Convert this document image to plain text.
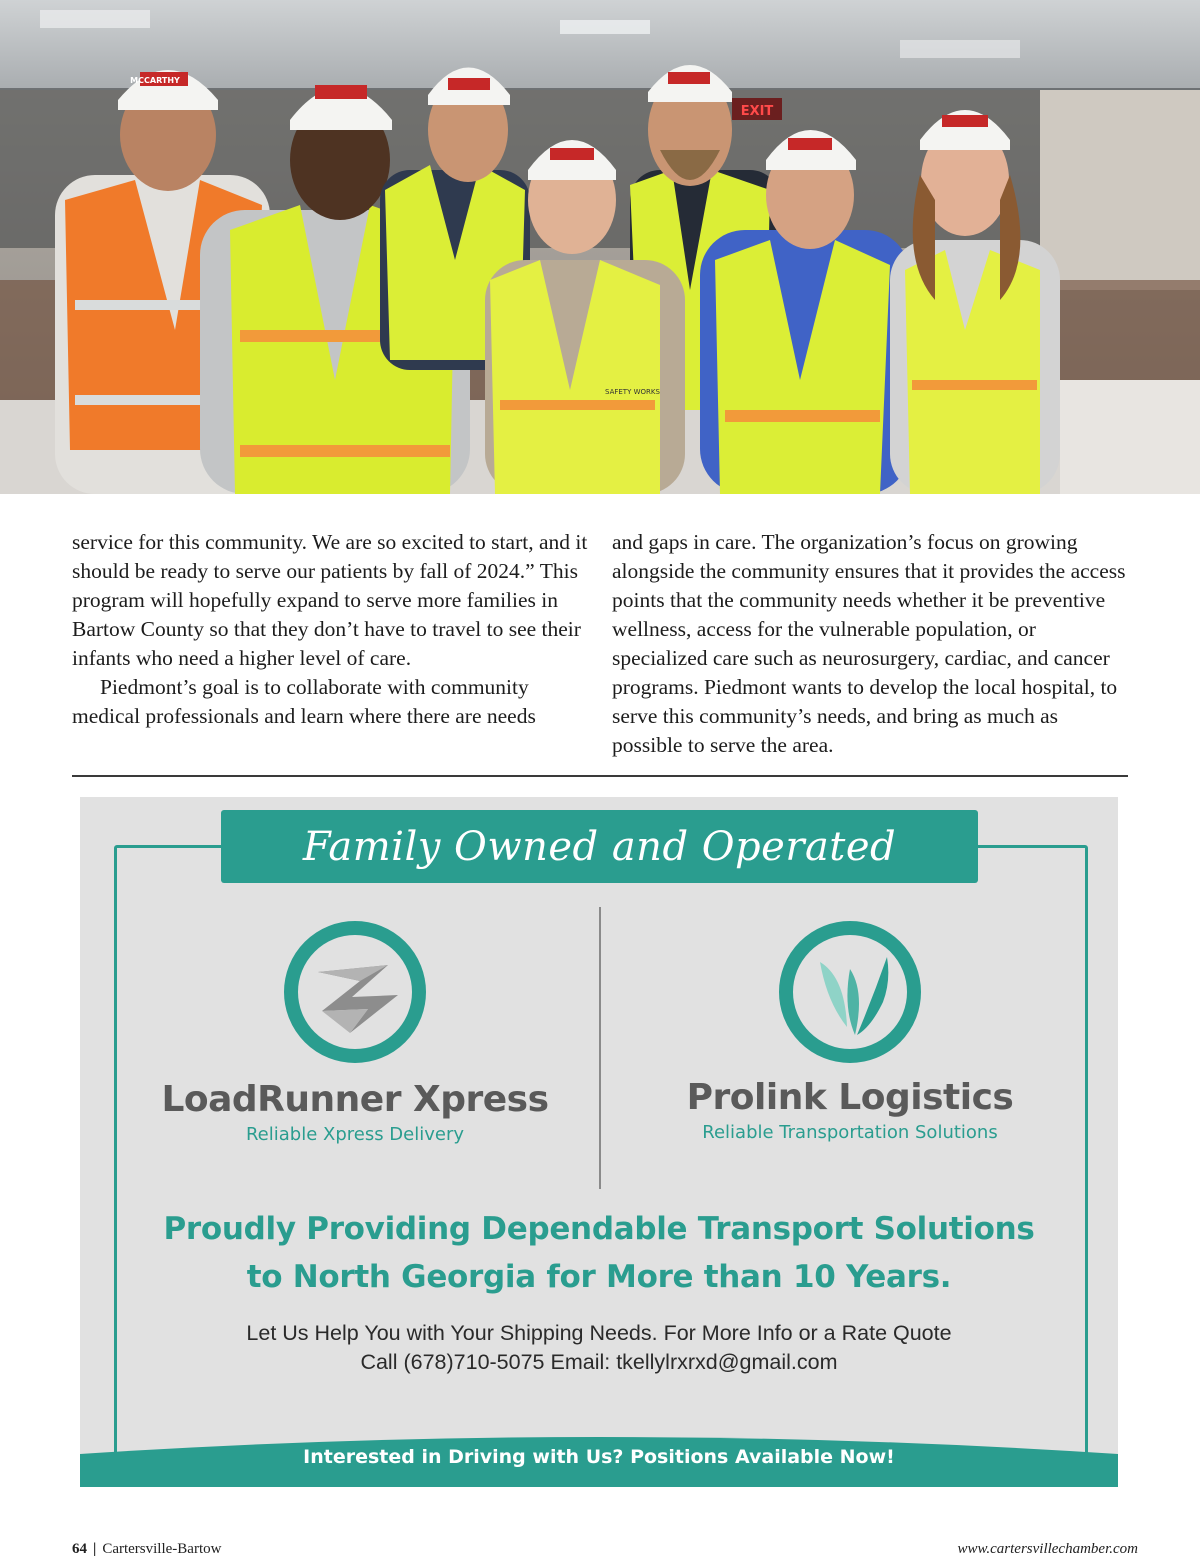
EXIT
SAFETY WORKS
MCCARTHY

service for this community. We are so excited to start, and it should be ready to serve our patients by fall of 2024.” This program will hopefully expand to serve more families in Bartow County so that they don’t have to travel to see their infants who need a higher level of care.

Piedmont’s goal is to collaborate with community medical professionals and learn where there are needs

and gaps in care. The organization’s focus on growing alongside the community ensures that it provides the access points that the community needs whether it be preventive wellness, access for the vulnerable population, or specialized care such as neurosurgery, cardiac, and cancer programs. Piedmont wants to develop the local hospital, to serve this community’s needs, and bring as much as possible to serve the area.

Family Owned and Operated
LoadRunner Xpress
Reliable Xpress Delivery
Prolink Logistics
Reliable Transportation Solutions
Proudly Providing Dependable Transport Solutions
to North Georgia for More than 10 Years.
Let Us Help You with Your Shipping Needs. For More Info or a Rate Quote
Call (678)710-5075 Email: tkellylrxrxd@gmail.com
Interested in Driving with Us? Positions Available Now!
64 | Cartersville-Bartow	www.cartersvillechamber.com
